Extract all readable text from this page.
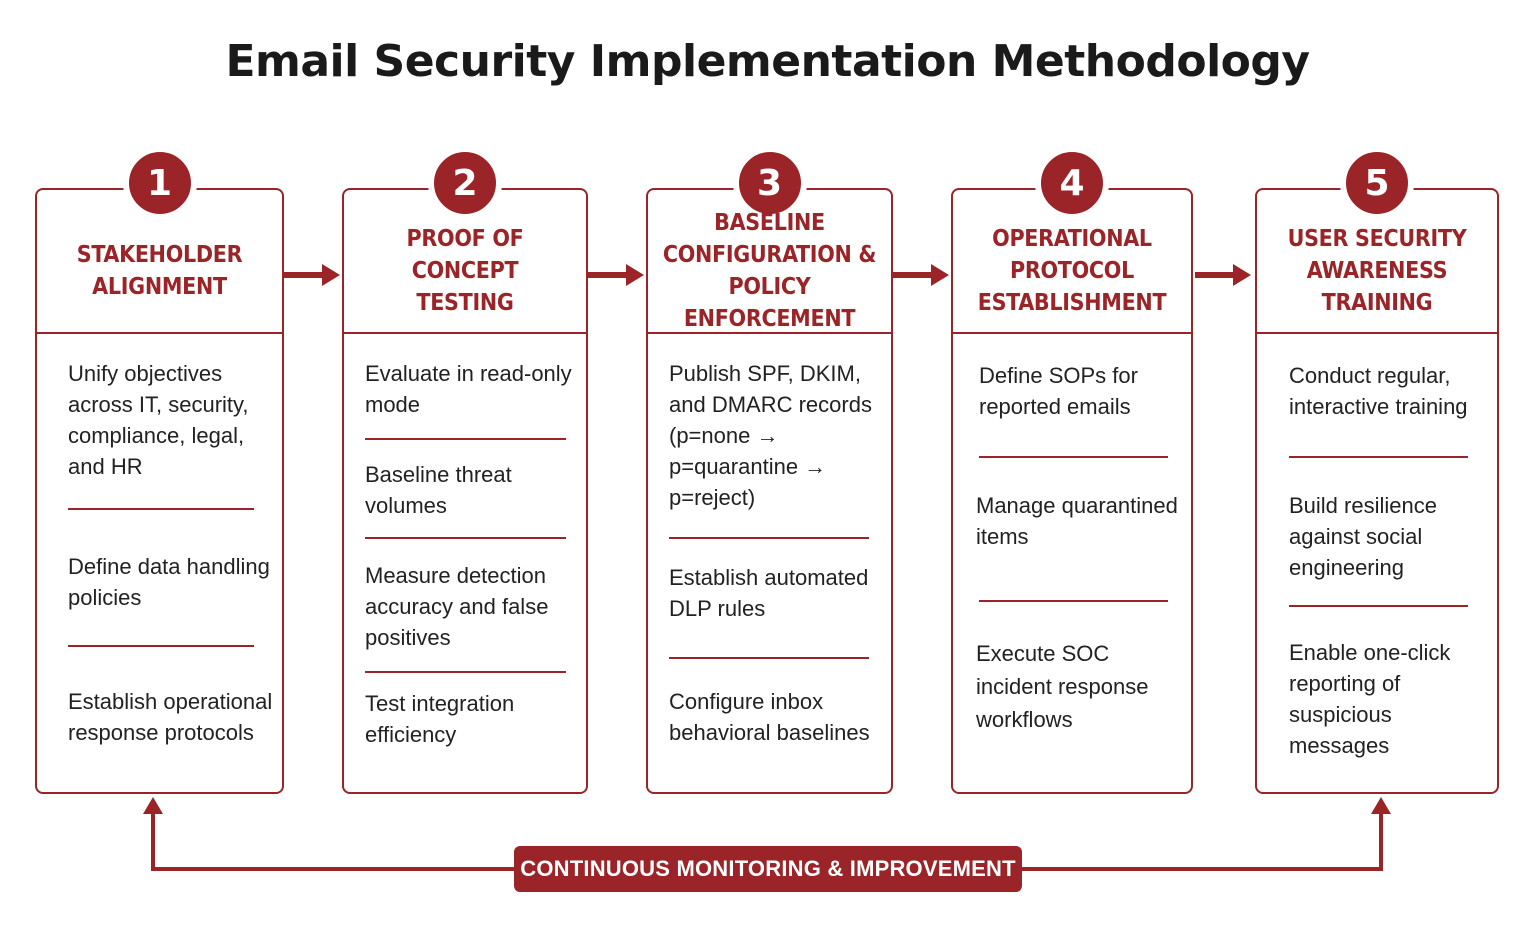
Email Security Implementation Methodology
1
STAKEHOLDER
ALIGNMENT
Unify objectives across IT, security, compliance, legal, and HR
Define data handling policies
Establish operational response protocols
2
PROOF OF CONCEPT
TESTING
Evaluate in read-only mode
Baseline threat volumes
Measure detection accuracy and false positives
Test integration efficiency
3
BASELINE
CONFIGURATION &
POLICY ENFORCEMENT
Publish SPF, DKIM, and DMARC records (p=none → p=quarantine → p=reject)
Establish automated DLP rules
Configure inbox behavioral baselines
4
OPERATIONAL
PROTOCOL
ESTABLISHMENT
Define SOPs for reported emails
Manage quarantined items
Execute SOC incident response workflows
5
USER SECURITY
AWARENESS
TRAINING
Conduct regular, interactive training
Build resilience against social engineering
Enable one-click reporting of suspicious messages
CONTINUOUS MONITORING & IMPROVEMENT
